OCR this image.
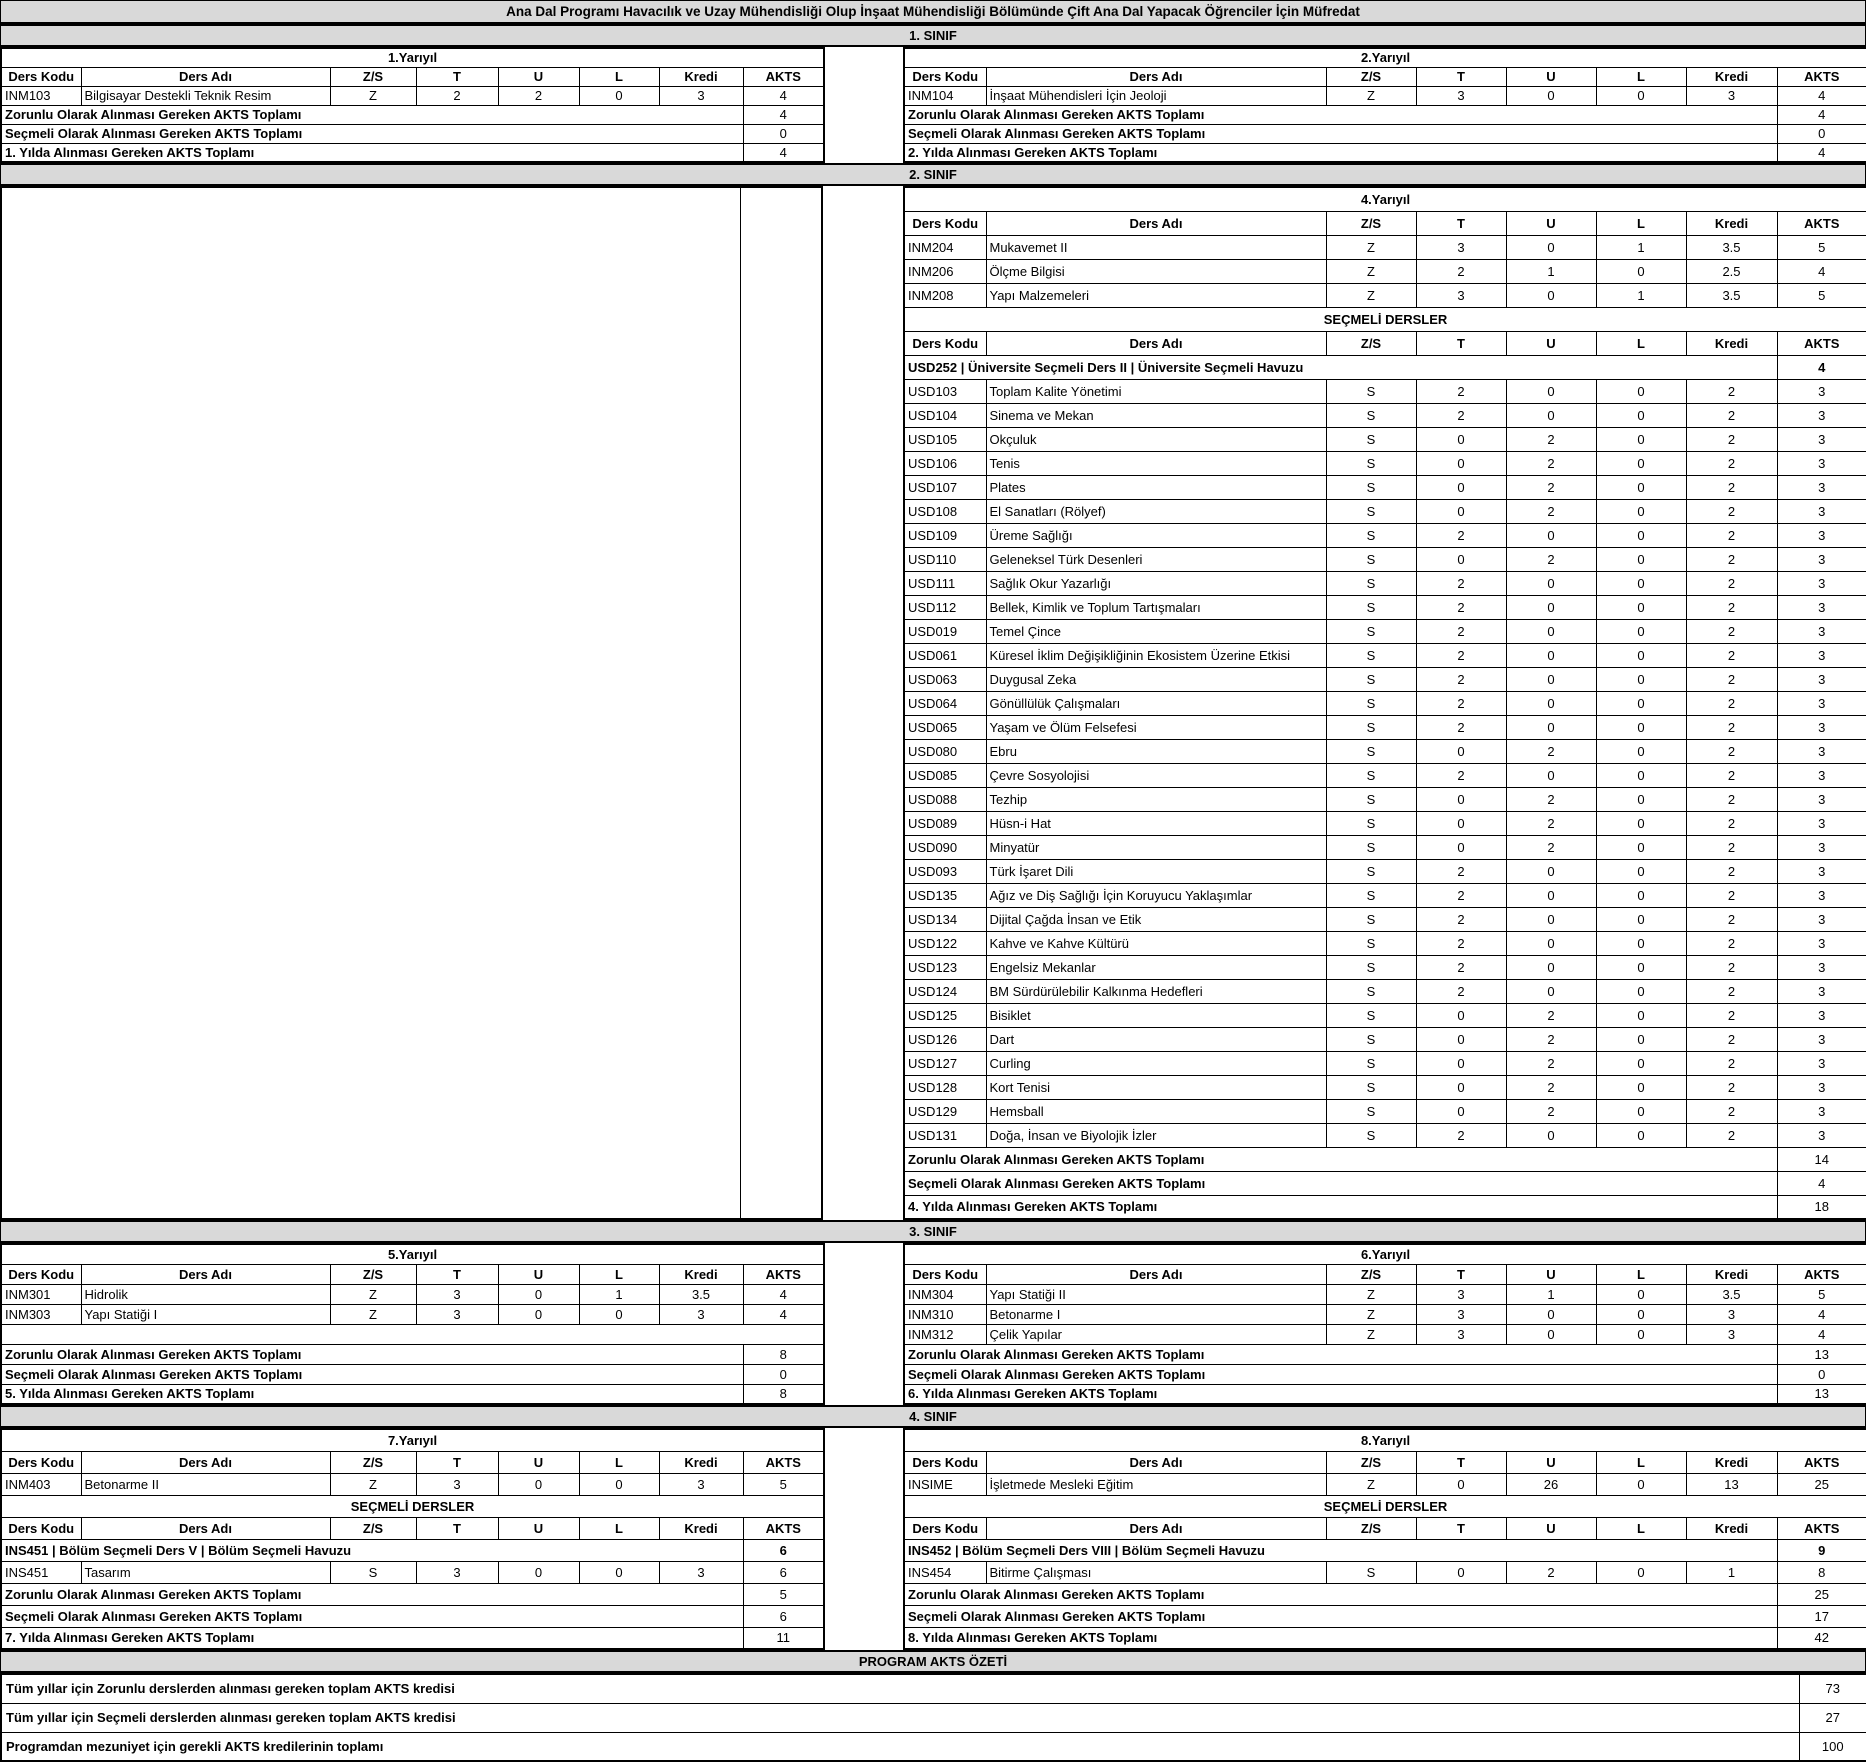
Ana Dal Programı Havacılık ve Uzay Mühendisliği Olup İnşaat Mühendisliği Bölümünde Çift Ana Dal Yapacak Öğrenciler İçin Müfredat
1. SINIF
1.Yarıyıl							
Ders Kodu	Ders Adı	Z/S	T	U	L	Kredi	AKTS
INM103	Bilgisayar Destekli Teknik Resim	Z	2	2	0	3	4
Zorunlu Olarak Alınması Gereken AKTS Toplamı							4
Seçmeli Olarak Alınması Gereken AKTS Toplamı							0
1. Yılda Alınması Gereken AKTS Toplamı							4
2.Yarıyıl							
Ders Kodu	Ders Adı	Z/S	T	U	L	Kredi	AKTS
INM104	İnşaat Mühendisleri İçin Jeoloji	Z	3	0	0	3	4
Zorunlu Olarak Alınması Gereken AKTS Toplamı							4
Seçmeli Olarak Alınması Gereken AKTS Toplamı							0
2. Yılda Alınması Gereken AKTS Toplamı							4
2. SINIF
4.Yarıyıl							
Ders Kodu	Ders Adı	Z/S	T	U	L	Kredi	AKTS
INM204	Mukavemet II	Z	3	0	1	3.5	5
INM206	Ölçme Bilgisi	Z	2	1	0	2.5	4
INM208	Yapı Malzemeleri	Z	3	0	1	3.5	5
SEÇMELİ DERSLER							
Ders Kodu	Ders Adı	Z/S	T	U	L	Kredi	AKTS
USD252 | Üniversite Seçmeli Ders II | Üniversite Seçmeli Havuzu							4
USD103	Toplam Kalite Yönetimi	S	2	0	0	2	3
USD104	Sinema ve Mekan	S	2	0	0	2	3
USD105	Okçuluk	S	0	2	0	2	3
USD106	Tenis	S	0	2	0	2	3
USD107	Plates	S	0	2	0	2	3
USD108	El Sanatları (Rölyef)	S	0	2	0	2	3
USD109	Üreme Sağlığı	S	2	0	0	2	3
USD110	Geleneksel Türk Desenleri	S	0	2	0	2	3
USD111	Sağlık Okur Yazarlığı	S	2	0	0	2	3
USD112	Bellek, Kimlik ve Toplum Tartışmaları	S	2	0	0	2	3
USD019	Temel Çince	S	2	0	0	2	3
USD061	Küresel İklim Değişikliğinin Ekosistem Üzerine Etkisi	S	2	0	0	2	3
USD063	Duygusal Zeka	S	2	0	0	2	3
USD064	Gönüllülük Çalışmaları	S	2	0	0	2	3
USD065	Yaşam ve Ölüm Felsefesi	S	2	0	0	2	3
USD080	Ebru	S	0	2	0	2	3
USD085	Çevre Sosyolojisi	S	2	0	0	2	3
USD088	Tezhip	S	0	2	0	2	3
USD089	Hüsn-i Hat	S	0	2	0	2	3
USD090	Minyatür	S	0	2	0	2	3
USD093	Türk İşaret Dili	S	2	0	0	2	3
USD135	Ağız ve Diş Sağlığı İçin Koruyucu Yaklaşımlar	S	2	0	0	2	3
USD134	Dijital Çağda İnsan ve Etik	S	2	0	0	2	3
USD122	Kahve ve Kahve Kültürü	S	2	0	0	2	3
USD123	Engelsiz Mekanlar	S	2	0	0	2	3
USD124	BM Sürdürülebilir Kalkınma Hedefleri	S	2	0	0	2	3
USD125	Bisiklet	S	0	2	0	2	3
USD126	Dart	S	0	2	0	2	3
USD127	Curling	S	0	2	0	2	3
USD128	Kort Tenisi	S	0	2	0	2	3
USD129	Hemsball	S	0	2	0	2	3
USD131	Doğa, İnsan ve Biyolojik İzler	S	2	0	0	2	3
Zorunlu Olarak Alınması Gereken AKTS Toplamı							14
Seçmeli Olarak Alınması Gereken AKTS Toplamı							4
4. Yılda Alınması Gereken AKTS Toplamı							18
3. SINIF
5.Yarıyıl							
Ders Kodu	Ders Adı	Z/S	T	U	L	Kredi	AKTS
INM301	Hidrolik	Z	3	0	1	3.5	4
INM303	Yapı Statiği I	Z	3	0	0	3	4

Zorunlu Olarak Alınması Gereken AKTS Toplamı							8
Seçmeli Olarak Alınması Gereken AKTS Toplamı							0
5. Yılda Alınması Gereken AKTS Toplamı							8
6.Yarıyıl							
Ders Kodu	Ders Adı	Z/S	T	U	L	Kredi	AKTS
INM304	Yapı Statiği II	Z	3	1	0	3.5	5
INM310	Betonarme I	Z	3	0	0	3	4
INM312	Çelik Yapılar	Z	3	0	0	3	4
Zorunlu Olarak Alınması Gereken AKTS Toplamı							13
Seçmeli Olarak Alınması Gereken AKTS Toplamı							0
6. Yılda Alınması Gereken AKTS Toplamı							13
4. SINIF
7.Yarıyıl							
Ders Kodu	Ders Adı	Z/S	T	U	L	Kredi	AKTS
INM403	Betonarme II	Z	3	0	0	3	5
SEÇMELİ DERSLER							
Ders Kodu	Ders Adı	Z/S	T	U	L	Kredi	AKTS
INS451 | Bölüm Seçmeli Ders V | Bölüm Seçmeli Havuzu							6
INS451	Tasarım	S	3	0	0	3	6
Zorunlu Olarak Alınması Gereken AKTS Toplamı							5
Seçmeli Olarak Alınması Gereken AKTS Toplamı							6
7. Yılda Alınması Gereken AKTS Toplamı							11
8.Yarıyıl							
Ders Kodu	Ders Adı	Z/S	T	U	L	Kredi	AKTS
INSIME	İşletmede Mesleki Eğitim	Z	0	26	0	13	25
SEÇMELİ DERSLER							
Ders Kodu	Ders Adı	Z/S	T	U	L	Kredi	AKTS
INS452 | Bölüm Seçmeli Ders VIII | Bölüm Seçmeli Havuzu							9
INS454	Bitirme Çalışması	S	0	2	0	1	8
Zorunlu Olarak Alınması Gereken AKTS Toplamı							25
Seçmeli Olarak Alınması Gereken AKTS Toplamı							17
8. Yılda Alınması Gereken AKTS Toplamı							42
PROGRAM AKTS ÖZETİ
Tüm yıllar için Zorunlu derslerden alınması gereken toplam AKTS kredisi	73
Tüm yıllar için Seçmeli derslerden alınması gereken toplam AKTS kredisi	27
Programdan mezuniyet için gerekli AKTS kredilerinin toplamı	100
